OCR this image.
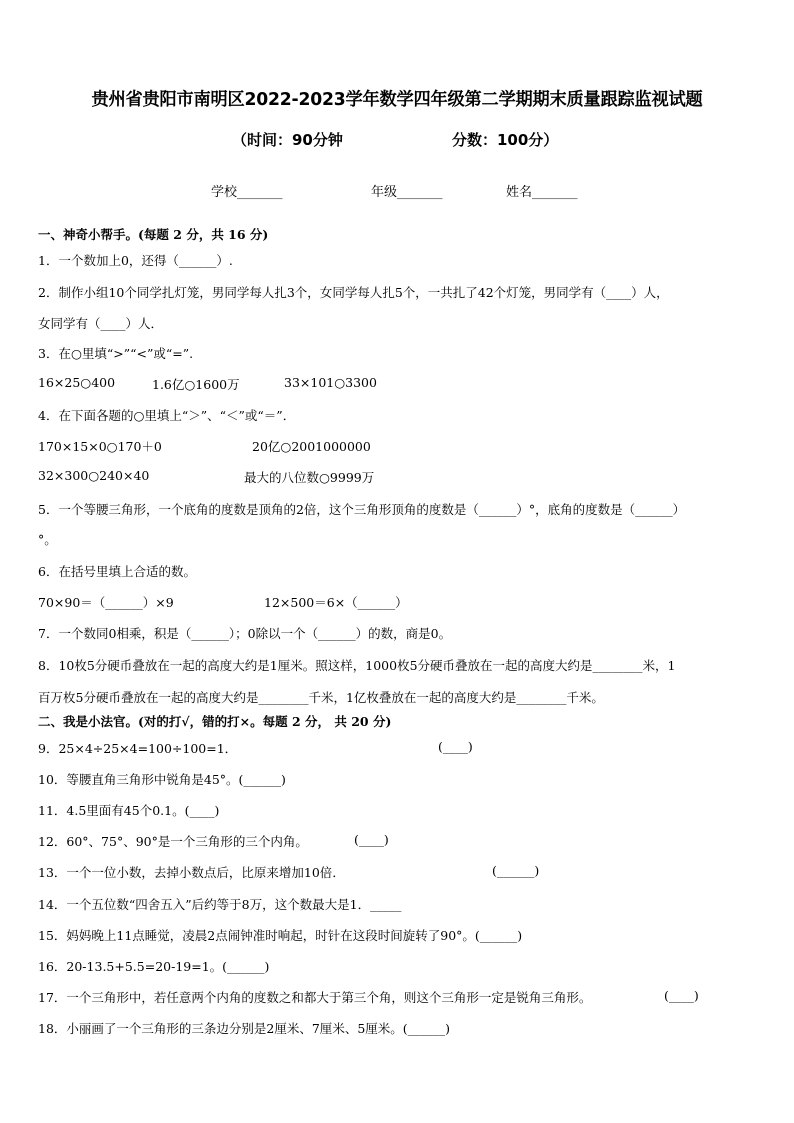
贵州省贵阳市南明区2022-2023学年数学四年级第二学期期末质量跟踪监视试题
（时间：90分钟	分数：100分）
学校_______	年级_______	姓名_______
一、神奇小帮手。(每题 2 分，共 16 分)
1．一个数加上0，还得（______）.
2．制作小组10个同学扎灯笼，男同学每人扎3个，女同学每人扎5个，一共扎了42个灯笼，男同学有（____）人，
女同学有（____）人．
3．在○里填“>”“<”或“=”.
16×25○400	1.6亿○1600万	33×101○3300
4．在下面各题的○里填上“＞”、“＜”或“＝”．
170×15×0○170＋0	20亿○2001000000
32×300○240×40	最大的八位数○9999万
5．一个等腰三角形，一个底角的度数是顶角的2倍，这个三角形顶角的度数是（______）°，底角的度数是（______）
°。
6．在括号里填上合适的数。
70×90＝（______）×9	12×500＝6×（______）
7．一个数同0相乘，积是（______）；0除以一个（______）的数，商是0。
8．10枚5分硬币叠放在一起的高度大约是1厘米。照这样，1000枚5分硬币叠放在一起的高度大约是________米，1
百万枚5分硬币叠放在一起的高度大约是________千米，1亿枚叠放在一起的高度大约是________千米。
二、我是小法官。(对的打√，错的打×。每题 2 分， 共 20 分)
9．25×4÷25×4=100÷100=1．	(____)
10．等腰直角三角形中锐角是45°。(______)
11．4.5里面有45个0.1。(____)
12．60°、75°、90°是一个三角形的三个内角。	(____)
13．一个一位小数，去掉小数点后，比原来增加10倍．	(______)
14．一个五位数“四舍五入”后约等于8万，这个数最大是1．_____
15．妈妈晚上11点睡觉，凌晨2点闹钟准时响起，时针在这段时间旋转了90°。(______)
16．20-13.5+5.5=20-19=1。(______)
17．一个三角形中，若任意两个内角的度数之和都大于第三个角，则这个三角形一定是锐角三角形。	(____)
18．小丽画了一个三角形的三条边分别是2厘米、7厘米、5厘米。(______)
